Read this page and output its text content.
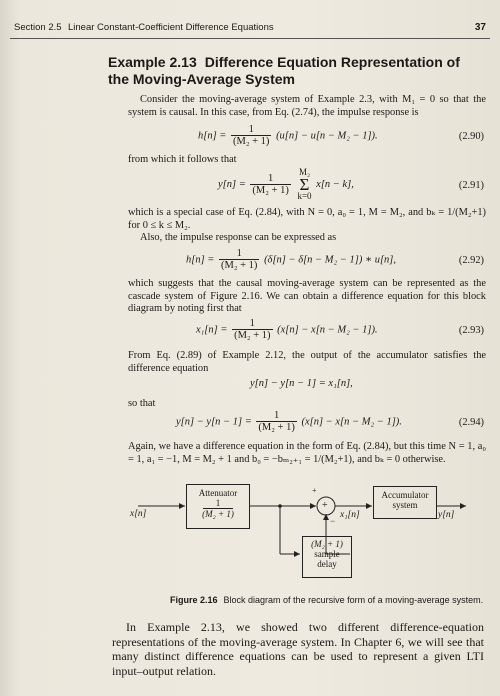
Section 2.5 Linear Constant-Coefficient Difference Equations	37
Example 2.13 Difference Equation Representation of the Moving-Average System
Consider the moving-average system of Example 2.3, with M₁ = 0 so that the system is causal. In this case, from Eq. (2.74), the impulse response is
$h[n] = \frac{1}{\text{(M₂ + 1)}} (u[n] - u[n - M_2 - 1])$.	(2.90)
from which it follows that
$y[n] = \frac{1}{\text{(M₂ + 1)}}$
M₂
Σ
k=0 x[n − k],	(2.91)
which is a special case of Eq. (2.84), with N = 0, a₀ = 1, M = M₂, and bₖ = 1/(M₂+1) for 0 ≤ k ≤ M₂.
Also, the impulse response can be expressed as
$h[n] = \frac{1}{\text{(M₂ + 1)}} (\delta[n] - \delta[n - M_2 - 1])$ ∗ u[n],	(2.92)
which suggests that the causal moving-average system can be represented as the cascade system of Figure 2.16. We can obtain a difference equation for this block diagram by noting first that
$x_1[n] = \frac{1}{\text{(M₂ + 1)}} (x[n] - x[n - M_2 - 1])$.	(2.93)
From Eq. (2.89) of Example 2.12, the output of the accumulator satisfies the difference equation
y[n] − y[n − 1] = x₁[n],
so that
$y[n] - y[n - 1] = \frac{1}{\text{(M₂ + 1)}} (x[n] - x[n - M_2 - 1])$.	(2.94)
Again, we have a difference equation in the form of Eq. (2.84), but this time N = 1, a₀ = 1, a₁ = −1, M = M₂ + 1 and b₀ = −bₘ₂₊₁ = 1/(M₂+1), and bₖ = 0 otherwise.
x[n]
Attenuator
1
(M₂ + 1)
+
+
−
x₁[n]
Accumulator
system
y[n]
(M₂ + 1)
sample
delay
Figure 2.16 Block diagram of the recursive form of a moving-average system.
In Example 2.13, we showed two different difference-equation representations of the moving-average system. In Chapter 6, we will see that many distinct difference equations can be used to represent a given LTI input–output relation.
